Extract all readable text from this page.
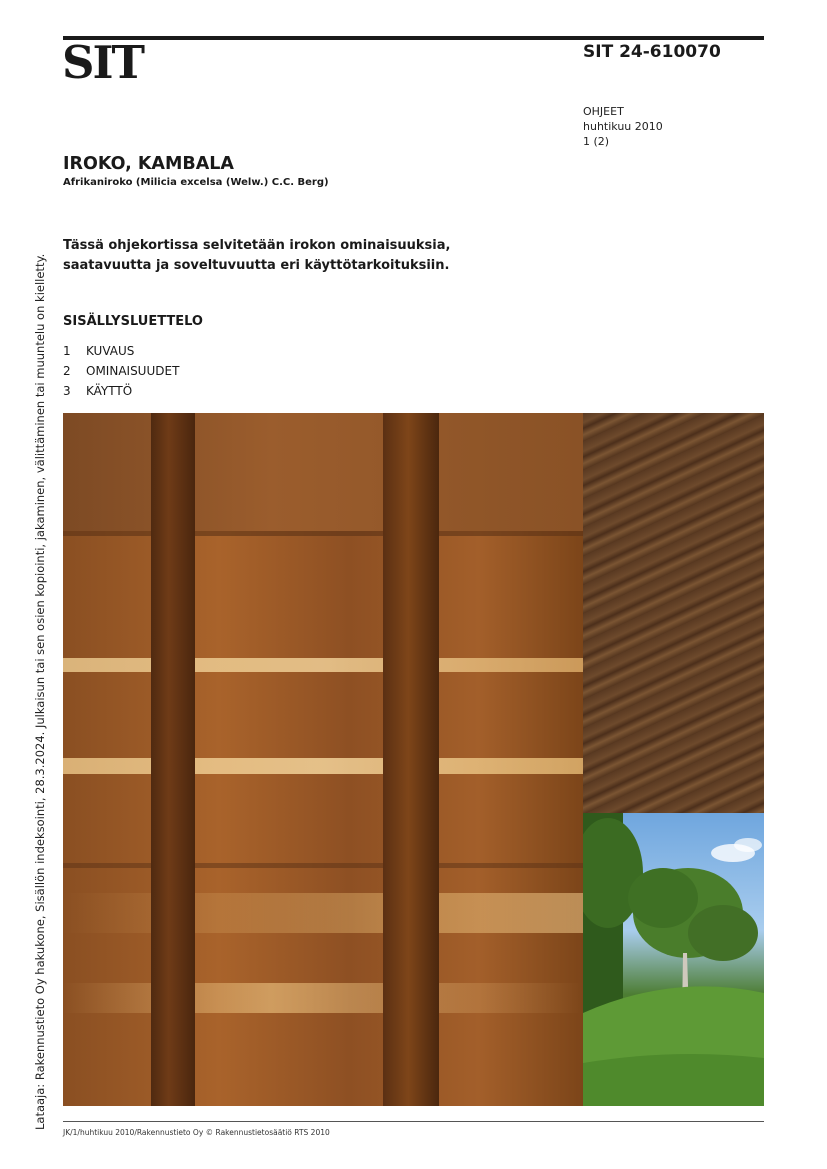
SIT	SIT 24-610070
OHJEET
huhtikuu 2010
1 (2)
IROKO, KAMBALA
Afrikaniroko (Milicia excelsa (Welw.) C.C. Berg)
Tässä ohjekortissa selvitetään irokon ominaisuuksia,
saatavuutta ja soveltuvuutta eri käyttötarkoituksiin.
SISÄLLYSLUETTELO
1	KUVAUS
2	OMINAISUUDET
3	KÄYTTÖ
Lataaja: Rakennustieto Oy hakukone, Sisällön indeksointi, 28.3.2024. Julkaisun tai sen osien kopiointi, jakaminen, välittäminen tai muuntelu on kielletty.
JK/1/huhtikuu 2010/Rakennustieto Oy © Rakennustietosäätiö RTS 2010
